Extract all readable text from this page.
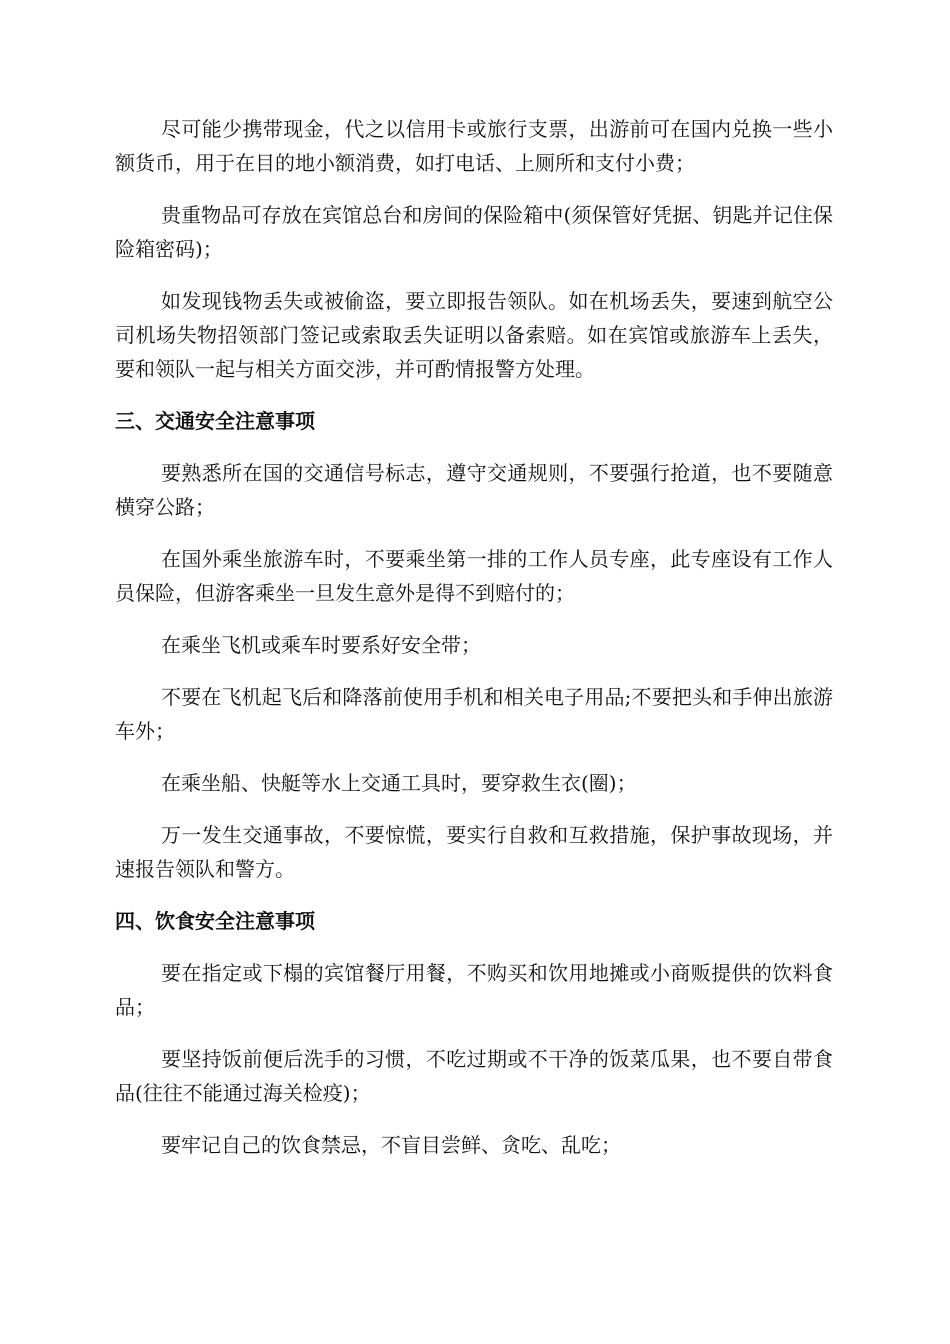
尽可能少携带现金，代之以信用卡或旅行支票，出游前可在国内兑换一些小额货币，用于在目的地小额消费，如打电话、上厕所和支付小费；

贵重物品可存放在宾馆总台和房间的保险箱中(须保管好凭据、钥匙并记住保险箱密码)；

如发现钱物丢失或被偷盗，要立即报告领队。如在机场丢失，要速到航空公司机场失物招领部门签记或索取丢失证明以备索赔。如在宾馆或旅游车上丢失，要和领队一起与相关方面交涉，并可酌情报警方处理。

三、交通安全注意事项

要熟悉所在国的交通信号标志，遵守交通规则，不要强行抢道，也不要随意横穿公路；

在国外乘坐旅游车时，不要乘坐第一排的工作人员专座，此专座设有工作人员保险，但游客乘坐一旦发生意外是得不到赔付的；

在乘坐飞机或乘车时要系好安全带；

不要在飞机起飞后和降落前使用手机和相关电子用品;不要把头和手伸出旅游车外；

在乘坐船、快艇等水上交通工具时，要穿救生衣(圈)；

万一发生交通事故，不要惊慌，要实行自救和互救措施，保护事故现场，并速报告领队和警方。

四、饮食安全注意事项

要在指定或下榻的宾馆餐厅用餐，不购买和饮用地摊或小商贩提供的饮料食品；

要坚持饭前便后洗手的习惯，不吃过期或不干净的饭菜瓜果，也不要自带食品(往往不能通过海关检疫)；

要牢记自己的饮食禁忌，不盲目尝鲜、贪吃、乱吃；
